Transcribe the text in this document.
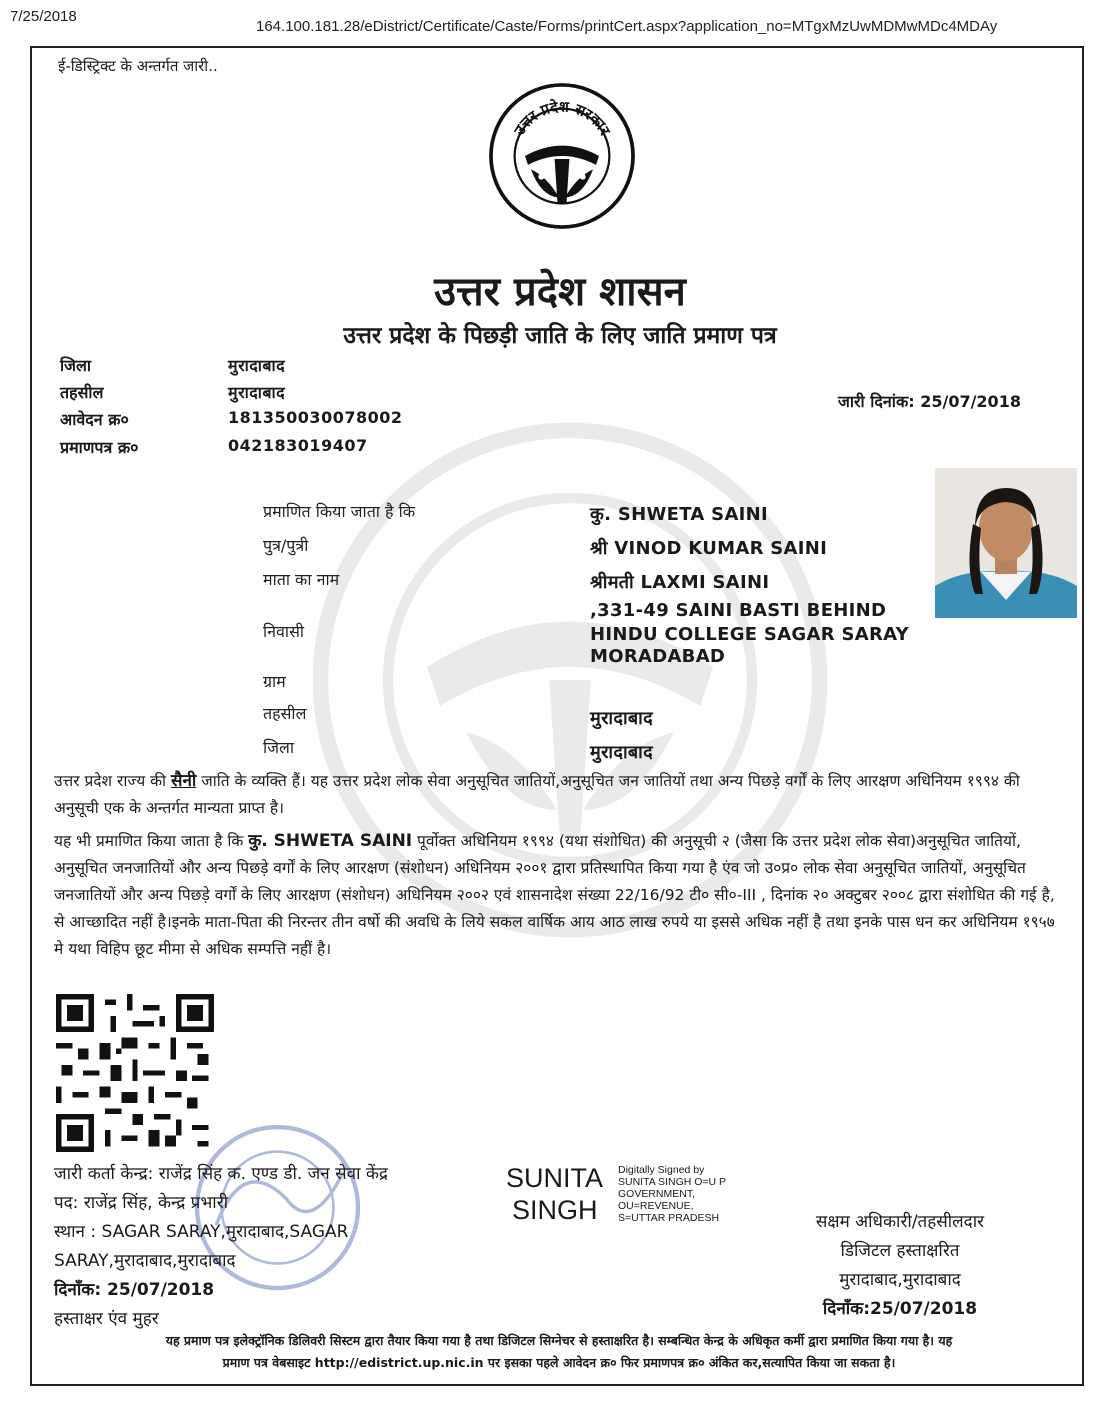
7/25/2018
164.100.181.28/eDistrict/Certificate/Caste/Forms/printCert.aspx?application_no=MTgxMzUwMDMwMDc4MDAy
ई-डिस्ट्रिक्ट के अन्तर्गत जारी..
उत्तर प्रदेश सरकार
उत्तर प्रदेश शासन
उत्तर प्रदेश के पिछड़ी जाति के लिए जाति प्रमाण पत्र
जिला	मुरादाबाद
तहसील	मुरादाबाद
आवेदन क्र०	181350030078002
प्रमाणपत्र क्र०	042183019407
जारी दिनांक: 25/07/2018
प्रमाणित किया जाता है कि	कु. SHWETA SAINI
पुत्र/पुत्री	श्री VINOD KUMAR SAINI
माता का नाम	श्रीमती LAXMI SAINI
निवासी
,331-49 SAINI BASTI BEHIND
HINDU COLLEGE SAGAR SARAY
MORADABAD
ग्राम
तहसील	मुरादाबाद
जिला	मुरादाबाद
उत्तर प्रदेश राज्य की सैनी जाति के व्यक्ति हैं। यह उत्तर प्रदेश लोक सेवा अनुसूचित जातियों,अनुसूचित जन जातियों तथा अन्य पिछड़े वर्गों के लिए आरक्षण अधिनियम १९९४ की अनुसूची एक के अन्तर्गत मान्यता प्राप्त है।
यह भी प्रमाणित किया जाता है कि कु. SHWETA SAINI पूर्वोक्त अधिनियम १९९४ (यथा संशोधित) की अनुसूची २ (जैसा कि उत्तर प्रदेश लोक सेवा)अनुसूचित जातियों, अनुसूचित जनजातियों और अन्य पिछड़े वर्गों के लिए आरक्षण (संशोधन) अधिनियम २००१ द्वारा प्रतिस्थापित किया गया है एंव जो उ०प्र० लोक सेवा अनुसूचित जातियों, अनुसूचित जनजातियों और अन्य पिछड़े वर्गों के लिए आरक्षण (संशोधन) अधिनियम २००२ एवं शासनादेश संख्या 22/16/92 टी० सी०-III , दिनांक २० अक्टुबर २००८ द्वारा संशोधित की गई है, से आच्छादित नहीं है।इनके माता-पिता की निरन्तर तीन वर्षो की अवधि के लिये सकल वार्षिक आय आठ लाख रुपये या इससे अधिक नहीं है तथा इनके पास धन कर अधिनियम १९५७ मे यथा विहिप छूट मीमा से अधिक सम्पत्ति नहीं है।
जारी कर्ता केन्द्र: राजेंद्र सिंह क. एण्ड डी. जन सेवा केंद्र
पद: राजेंद्र सिंह, केन्द्र प्रभारी
स्थान : SAGAR SARAY,मुरादाबाद,SAGAR
SARAY,मुरादाबाद,मुरादाबाद
दिनाँक: 25/07/2018
हस्ताक्षर एंव मुहर
SUNITA
SINGH
Digitally Signed by
SUNITA SINGH O=U P
GOVERNMENT,
OU=REVENUE,
S=UTTAR PRADESH	सक्षम अधिकारी/तहसीलदार
डिजिटल हस्ताक्षरित
मुरादाबाद,मुरादाबाद
दिनाँक:25/07/2018
यह प्रमाण पत्र इलेक्ट्रॉनिक डिलिवरी सिस्टम द्वारा तैयार किया गया है तथा डिजिटल सिग्नेचर से हस्ताक्षरित है। सम्बन्धित केन्द्र के अधिकृत कर्मी द्वारा प्रमाणित किया गया है। यह
प्रमाण पत्र वेबसाइट http://edistrict.up.nic.in पर इसका पहले आवेदन क्र० फिर प्रमाणपत्र क्र० अंकित कर,सत्यापित किया जा सकता है।
